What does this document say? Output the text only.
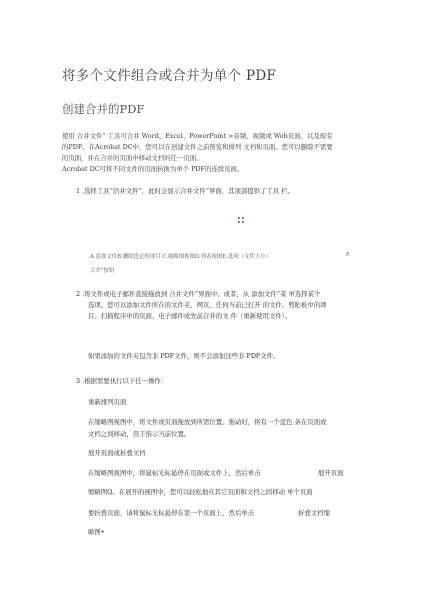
将多个文件组合或合并为单个 PDF
创建合并的PDF
使用 合并文件” 工具可合并 Word、Excel、PowerPoint >音频、视频或 Web页面，以及现有
的PDF。在Acrobat DC中，您可以在创建文件之前预览和排列 文档和页面。您可以删除不需要
的页面，并在合并的页面中移动文档的任一页面。
Acrobat DC可将不同文件的页面转换为单个 PDF的连续页面。
1 .选择工具”洽并文件”，此时会显示合并文件”界面，其顶部提供了工具 栏。
A.添加文件B.删除选定的项目 C.缩略图视图D.列表视图E.选项（文件大小）	F.
合并”按钮
2 .将文件或电子邮件直接拖放到 合并文件”界面中。或者，从 添加文件”菜 单选择某个
选项。您可以添加文件所在的文件夹、网页、任何当前已打开 的文件、剪贴板中的项
目、扫描程序中的页面、电子邮件或先前合并的文 件（重新使用文件）。
如果添加的文件夹包含非 PDF文件，则不会添加这些非 PDF文件。
3 .根据需要执行以下任一操作：
重新排列页面
在缩略图视图中，将文件或页面拖放到所需位置。拖动时，将有一个蓝色 条在页面或
文档之间移动，用于指示当前位置。
展开页面或折叠文档
在缩略图视图中，将鼠标光标悬停在页面或文件上，然后单击	展开页面
缩略图Q。在展开的视图中，您可以轻松地在其它页面和文档之间移动 单个页面
要折叠页面，请将鼠标光标悬停在第一个页面上，然后单击	折叠文档缩
略图•
